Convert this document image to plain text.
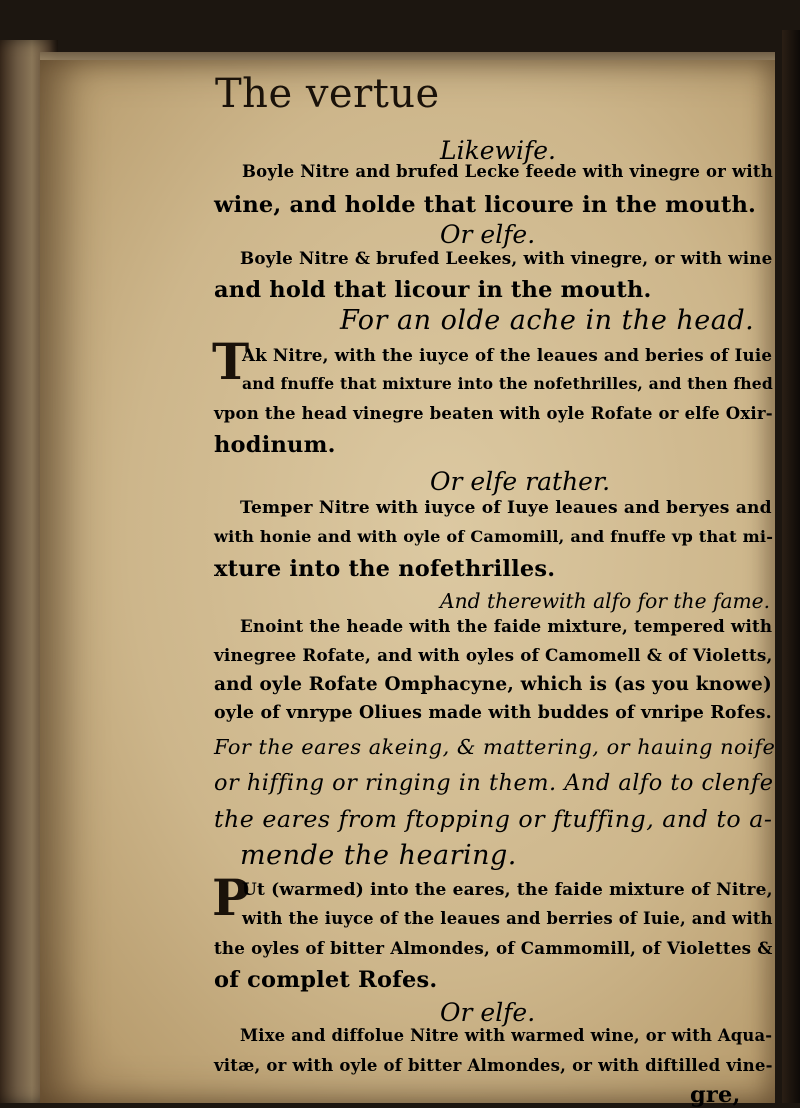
The vertue
Likewife.
Boyle Nitre and brufed Lecke feede with vinegre or with
wine, and holde that licoure in the mouth.
Or elfe.
Boyle Nitre & brufed Leekes, with vinegre, or with wine
and hold that licour in the mouth.
For an olde ache in the head.
T
Ak Nitre, with the iuyce of the leaues and beries of Iuie
and fnuffe that mixture into the nofethrilles, and then fhed
vpon the head vinegre beaten with oyle Rofate or elfe Oxir-
hodinum.
Or elfe rather.
Temper Nitre with iuyce of Iuye leaues and beryes and
with honie and with oyle of Camomill, and fnuffe vp that mi-
xture into the nofethrilles.
And therewith alfo for the fame.
Enoint the heade with the faide mixture, tempered with
vinegree Rofate, and with oyles of Camomell & of Violetts,
and oyle Rofate Omphacyne, which is (as you knowe)
oyle of vnrype Oliues made with buddes of vnripe Rofes.
For the eares akeing, & mattering, or hauing noife
or hiffing or ringing in them. And alfo to clenfe
the eares from ftopping or ftuffing, and to a-
mende the hearing.
P
Ut (warmed) into the eares, the faide mixture of Nitre,
with the iuyce of the leaues and berries of Iuie, and with
the oyles of bitter Almondes, of Cammomill, of Violettes &
of complet Rofes.
Or elfe.
Mixe and diffolue Nitre with warmed wine, or with Aqua-
vitæ, or with oyle of bitter Almondes, or with diftilled vine-
gre,
